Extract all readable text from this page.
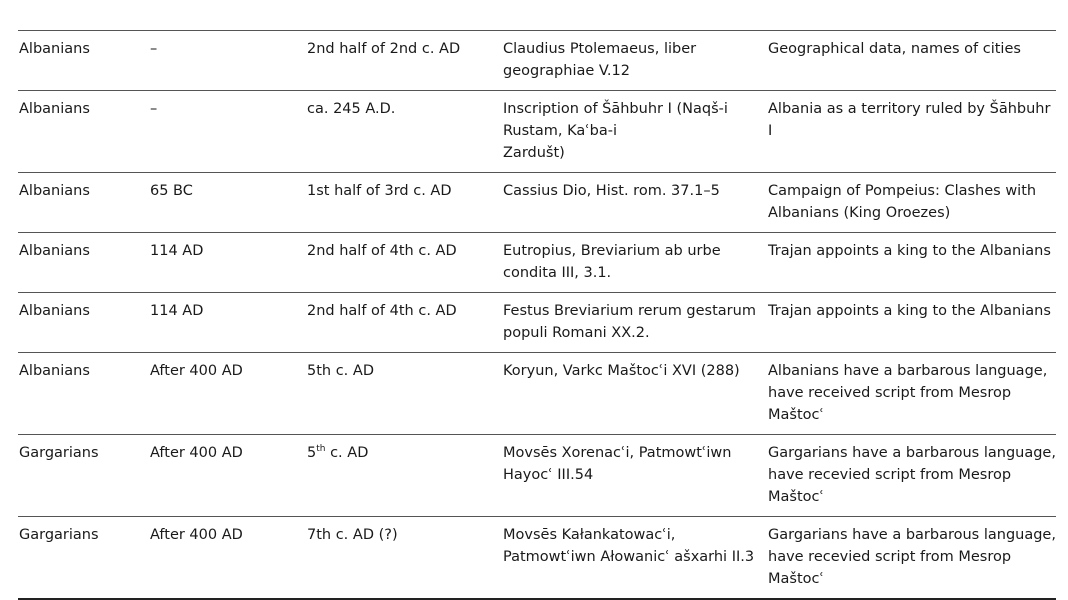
Albanians	–	2nd half of 2nd c. AD	Claudius Ptolemaeus, liber
geographiae V.12	Geographical data, names of cities
Albanians	–	ca. 245 A.D.	Inscription of Šāhbuhr I (Naqš-i
Rustam, Kaʿba-i
Zardušt)	Albania as a territory ruled by Šāhbuhr I
Albanians	65 BC	1st half of 3rd c. AD	Cassius Dio, Hist. rom. 37.1–5	Campaign of Pompeius: Clashes with
Albanians (King Oroezes)
Albanians	114 AD	2nd half of 4th c. AD	Eutropius, Breviarium ab urbe
condita III, 3.1.	Trajan appoints a king to the Albanians
Albanians	114 AD	2nd half of 4th c. AD	Festus Breviarium rerum gestarum
populi Romani XX.2.	Trajan appoints a king to the Albanians
Albanians	After 400 AD	5th c. AD	Koryun, Varkc Maštocʿi XVI (288)	Albanians have a barbarous language,
have received script from Mesrop
Maštocʿ
Gargarians	After 400 AD	5th c. AD	Movsēs Xorenacʿi, Patmowtʿiwn
Hayocʿ III.54	Gargarians have a barbarous language,
have recevied script from Mesrop
Maštocʿ
Gargarians	After 400 AD	7th c. AD (?)	Movsēs Kałankatowacʿi,
Patmowtʿiwn Ałowanicʿ ašxarhi II.3	Gargarians have a barbarous language,
have recevied script from Mesrop
Maštocʿ
